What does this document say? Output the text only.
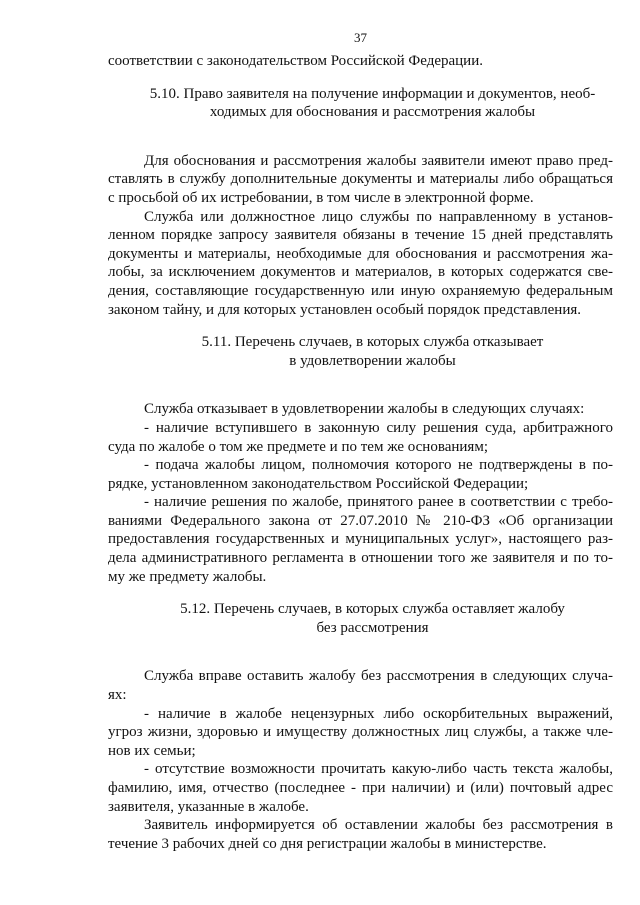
37

соответствии с законодательством Российской Федерации.

5.10. Право заявителя на получение информации и документов, необ-
ходимых для обоснования и рассмотрения жалобы

Для обоснования и рассмотрения жалобы заявители имеют право пред-ставлять в службу дополнительные документы и материалы либо обращаться с просьбой об их истребовании, в том числе в электронной форме.

Служба или должностное лицо службы по направленному в установ-ленном порядке запросу заявителя обязаны в течение 15 дней представлять документы и материалы, необходимые для обоснования и рассмотрения жа-лобы, за исключением документов и материалов, в которых содержатся све-дения, составляющие государственную или иную охраняемую федеральным законом тайну, и для которых установлен особый порядок представления.

5.11. Перечень случаев, в которых служба отказывает
в удовлетворении жалобы

Служба отказывает в удовлетворении жалобы в следующих случаях:

- наличие вступившего в законную силу решения суда, арбитражного суда по жалобе о том же предмете и по тем же основаниям;

- подача жалобы лицом, полномочия которого не подтверждены в по-рядке, установленном законодательством Российской Федерации;

- наличие решения по жалобе, принятого ранее в соответствии с требо-ваниями Федерального закона от 27.07.2010 № 210-ФЗ «Об организации предоставления государственных и муниципальных услуг», настоящего раз-дела административного регламента в отношении того же заявителя и по то-му же предмету жалобы.

5.12. Перечень случаев, в которых служба оставляет жалобу
без рассмотрения

Служба вправе оставить жалобу без рассмотрения в следующих случа-ях:

- наличие в жалобе нецензурных либо оскорбительных выражений, угроз жизни, здоровью и имуществу должностных лиц службы, а также чле-нов их семьи;

- отсутствие возможности прочитать какую-либо часть текста жалобы, фамилию, имя, отчество (последнее - при наличии) и (или) почтовый адрес заявителя, указанные в жалобе.

Заявитель информируется об оставлении жалобы без рассмотрения в течение 3 рабочих дней со дня регистрации жалобы в министерстве.
